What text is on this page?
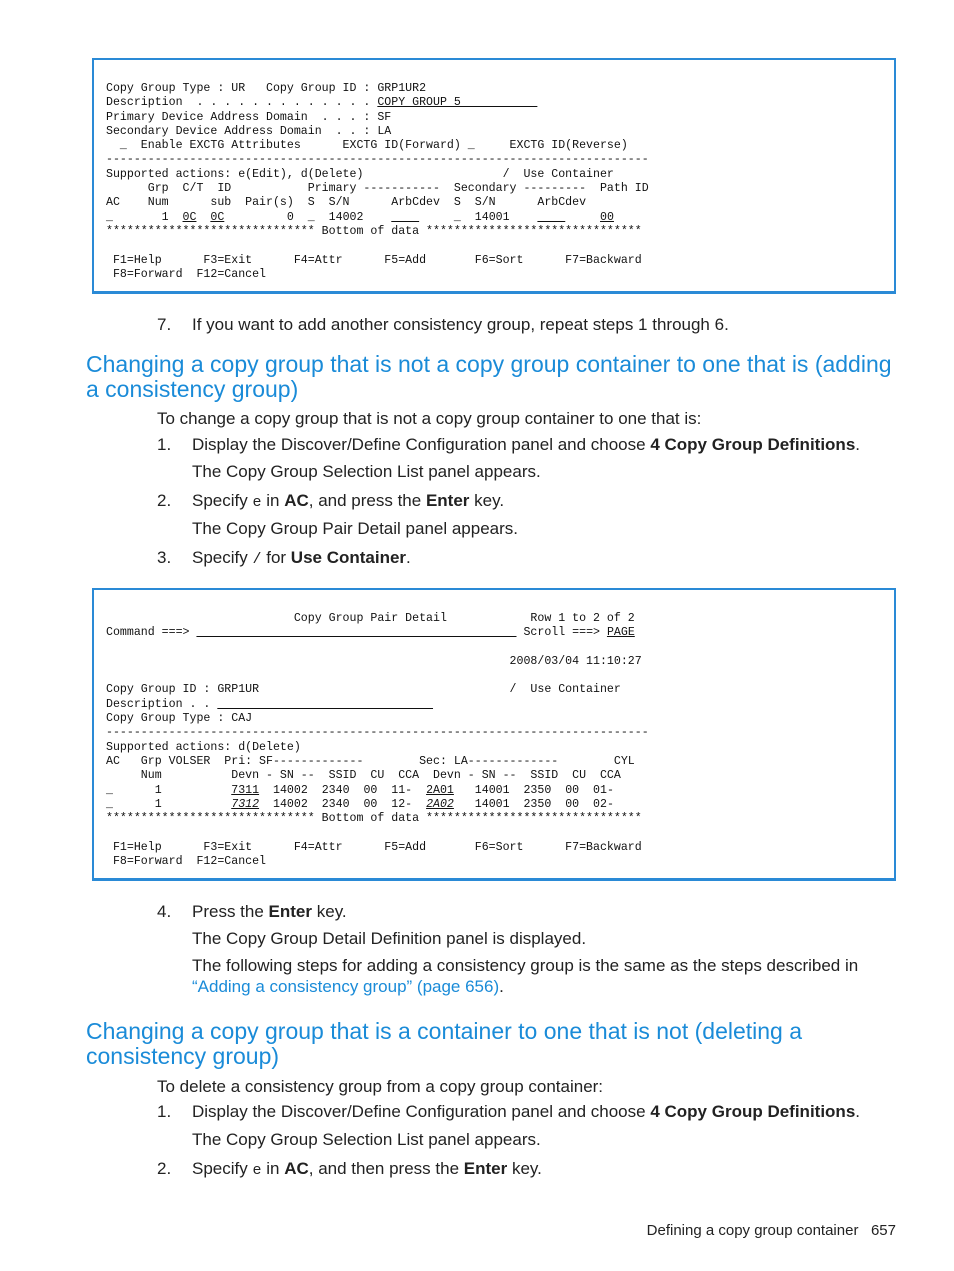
Copy Group Type : UR   Copy Group ID : GRP1UR2
Description  . . . . . . . . . . . . . COPY GROUP 5
Primary Device Address Domain  . . . : SF
Secondary Device Address Domain  . . : LA
_  Enable EXCTG Attributes      EXCTG ID(Forward) _     EXCTG ID(Reverse)
------------------------------------------------------------------------------
Supported actions: e(Edit), d(Delete)                    /  Use Container
Grp  C/T  ID           Primary -----------  Secondary ---------  Path ID
AC    Num      sub  Pair(s)  S  S/N      ArbCdev  S  S/N      ArbCdev
_       1  0C 0C         0  _  14002             _  14001	00
****************************** Bottom of data *******************************

F1=Help      F3=Exit      F4=Attr      F5=Add       F6=Sort      F7=Backward
F8=Forward  F12=Cancel
7. If you want to add another consistency group, repeat steps 1 through 6.
Changing a copy group that is not a copy group container to one that is (adding a consistency group)
To change a copy group that is not a copy group container to one that is:
1. Display the Discover/Define Configuration panel and choose 4 Copy Group Definitions.
The Copy Group Selection List panel appears.
2. Specify e in AC, and press the Enter key.
The Copy Group Pair Detail panel appears.
3. Specify / for Use Container.
Copy Group Pair Detail            Row 1 to 2 of 2
Command ===>	Scroll ===> PAGE

2008/03/04 11:10:27

Copy Group ID : GRP1UR                                    /  Use Container
Description . .
Copy Group Type : CAJ
------------------------------------------------------------------------------
Supported actions: d(Delete)
AC   Grp VOLSER  Pri: SF-------------        Sec: LA-------------        CYL
Num          Devn - SN --  SSID  CU  CCA  Devn - SN --  SSID  CU  CCA
_      1          7311  14002  2340  00  11-  2A01   14001  2350  00  01-
_      1          7312  14002  2340  00  12-  2A02   14001  2350  00  02-
****************************** Bottom of data *******************************

F1=Help      F3=Exit      F4=Attr      F5=Add       F6=Sort      F7=Backward
F8=Forward  F12=Cancel
4. Press the Enter key.
The Copy Group Detail Definition panel is displayed.
The following steps for adding a consistency group is the same as the steps described in
“Adding a consistency group” (page 656).
Changing a copy group that is a container to one that is not (deleting a consistency group)
To delete a consistency group from a copy group container:
1. Display the Discover/Define Configuration panel and choose 4 Copy Group Definitions.
The Copy Group Selection List panel appears.
2. Specify e in AC, and then press the Enter key.
Defining a copy group container 657
